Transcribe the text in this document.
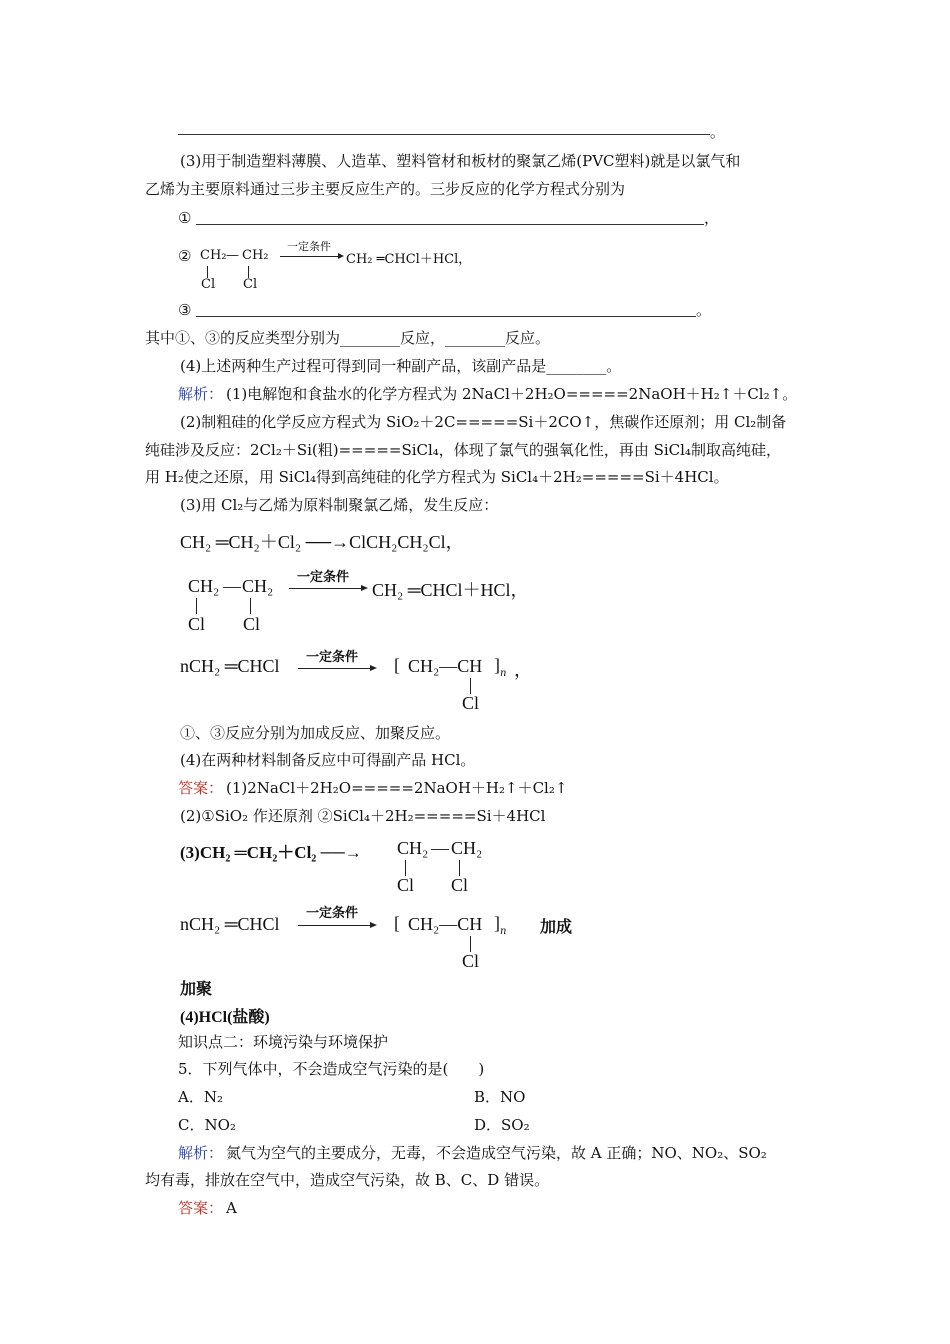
。
(3)用于制造塑料薄膜、人造革、塑料管材和板材的聚氯乙烯(PVC塑料)就是以氯气和
乙烯为主要原料通过三步主要反应生产的。三步反应的化学方程式分别为
①	，
② CH₂ — CH₂
Cl Cl
一定条件
CH₂ ═CHCl＋HCl，
③	。
其中①、③的反应类型分别为________反应，________反应。
(4)上述两种生产过程可得到同一种副产品，该副产品是________。
解析： (1)电解饱和食盐水的化学方程式为 2NaCl＋2H₂O=====2NaOH＋H₂↑＋Cl₂↑。
(2)制粗硅的化学反应方程式为 SiO₂＋2C=====Si＋2CO↑，焦碳作还原剂；用 Cl₂制备
纯硅涉及反应：2Cl₂＋Si(粗)=====SiCl₄，体现了氯气的强氧化性，再由 SiCl₄制取高纯硅，
用 H₂使之还原，用 SiCl₄得到高纯硅的化学方程式为 SiCl₄＋2H₂=====Si＋4HCl。
(3)用 Cl₂与乙烯为原料制聚氯乙烯，发生反应：
CH₂ ═CH₂＋Cl₂ ──→ClCH₂CH₂Cl，
CH₂ — CH₂
Cl Cl
一定条件
CH₂ ═CHCl＋HCl，
nCH₂ ═CHCl 一定条件 [ CH₂—CH ] n ，
Cl
①、③反应分别为加成反应、加聚反应。
(4)在两种材料制备反应中可得副产品 HCl。
答案： (1)2NaCl＋2H₂O=====2NaOH＋H₂↑＋Cl₂↑
(2)①SiO₂ 作还原剂 ②SiCl₄＋2H₂=====Si＋4HCl
(3)CH₂ ═CH₂＋Cl₂ ──→ CH₂ — CH₂
Cl Cl
nCH₂ ═CHCl
一定条件 [ CH₂—CH ] n 加成
Cl
加聚
(4)HCl(盐酸)
知识点二：环境污染与环境保护
5．下列气体中，不会造成空气污染的是(　　)
A．N₂	B．NO
C．NO₂	D．SO₂
解析： 氮气为空气的主要成分，无毒，不会造成空气污染，故 A 正确；NO、NO₂、SO₂
均有毒，排放在空气中，造成空气污染，故 B、C、D 错误。
答案： A
